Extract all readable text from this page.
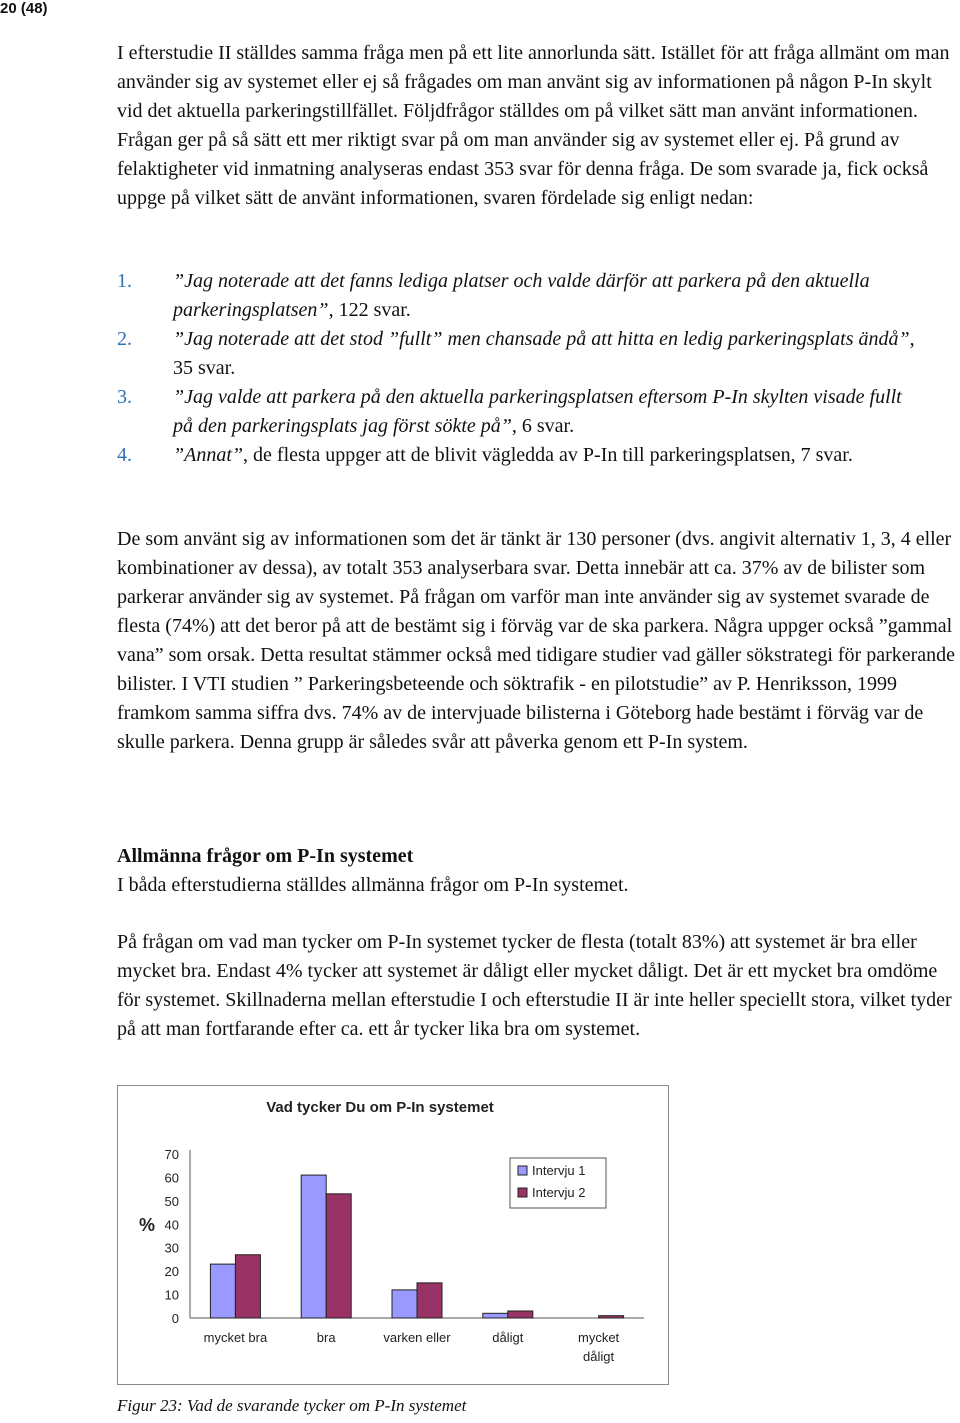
20 (48)

I efterstudie II ställdes samma fråga men på ett lite annorlunda sätt. Istället för att fråga allmänt om man använder sig av systemet eller ej så frågades om man använt sig av informationen på någon P-In skylt vid det aktuella parkeringstillfället. Följdfrågor ställdes om på vilket sätt man använt informationen. Frågan ger på så sätt ett mer riktigt svar på om man använder sig av systemet eller ej. På grund av felaktigheter vid inmatning analyseras endast 353 svar för denna fråga. De som svarade ja, fick också uppge på vilket sätt de använt informationen, svaren fördelade sig enligt nedan:

1. ”Jag noterade att det fanns lediga platser och valde därför att parkera på den aktuella parkeringsplatsen”, 122 svar.
2. ”Jag noterade att det stod ”fullt” men chansade på att hitta en ledig parkeringsplats ändå”, 35 svar.
3. ”Jag valde att parkera på den aktuella parkeringsplatsen eftersom P-In skylten visade fullt på den parkeringsplats jag först sökte på”, 6 svar.
4. ”Annat”, de flesta uppger att de blivit vägledda av P-In till parkeringsplatsen, 7 svar.

De som använt sig av informationen som det är tänkt är 130 personer (dvs. angivit alternativ 1, 3, 4 eller kombinationer av dessa), av totalt 353 analyserbara svar. Detta innebär att ca. 37% av de bilister som parkerar använder sig av systemet. På frågan om varför man inte använder sig av systemet svarade de flesta (74%) att det beror på att de bestämt sig i förväg var de ska parkera. Några uppger också ”gammal vana” som orsak. Detta resultat stämmer också med tidigare studier vad gäller sökstrategi för parkerande bilister. I VTI studien ” Parkeringsbeteende och söktrafik - en pilotstudie” av P. Henriksson, 1999 framkom samma siffra dvs. 74% av de intervjuade bilisterna i Göteborg hade bestämt i förväg var de skulle parkera. Denna grupp är således svår att påverka genom ett P-In system.

Allmänna frågor om P-In systemet

I båda efterstudierna ställdes allmänna frågor om P-In systemet.

På frågan om vad man tycker om P-In systemet tycker de flesta (totalt 83%) att systemet är bra eller mycket bra. Endast 4% tycker att systemet är dåligt eller mycket dåligt. Det är ett mycket bra omdöme för systemet. Skillnaderna mellan efterstudie I och efterstudie II är inte heller speciellt stora, vilket tyder på att man fortfarande efter ca. ett år tycker lika bra om systemet.

Vad tycker Du om P-In systemet
0
10
20
30
40
50
60
70
%
mycket bra	bra	varken eller	dåligt	mycket
dåligt
Intervju 1
Intervju 2
Figur 23: Vad de svarande tycker om P-In systemet
